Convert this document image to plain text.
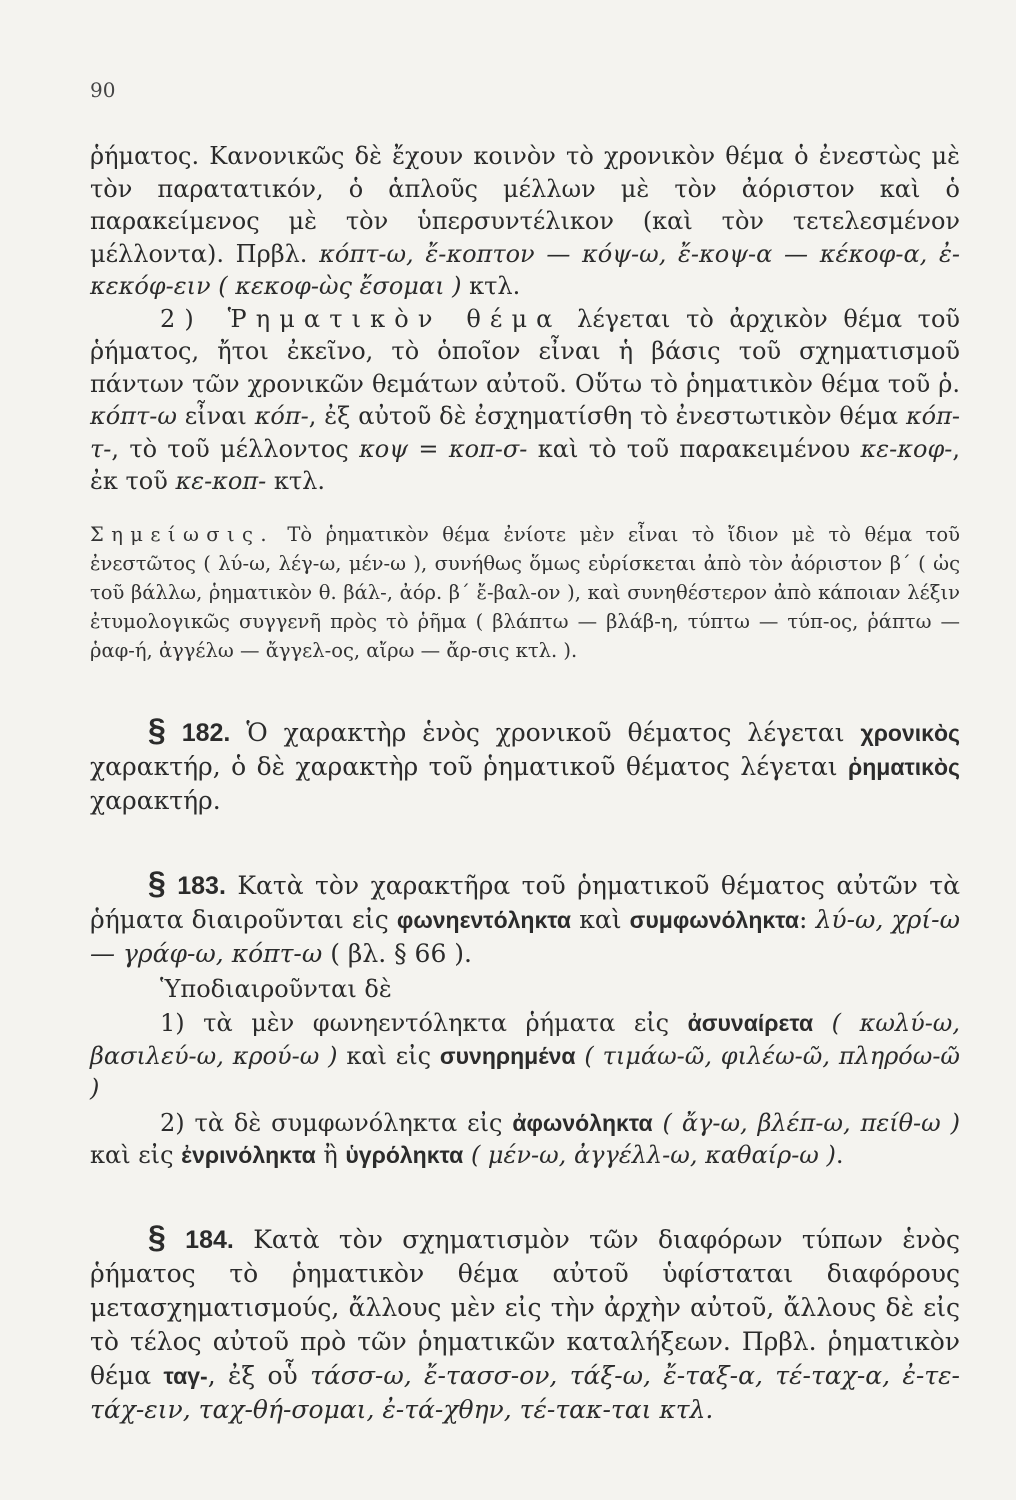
90

ῥήματος. Κανονικῶς δὲ ἔχουν κοινὸν τὸ χρονικὸν θέμα ὁ ἐνεστὼς μὲ τὸν παρατατικόν, ὁ ἁπλοῦς μέλλων μὲ τὸν ἀόριστον καὶ ὁ παρακείμενος μὲ τὸν ὑπερσυντέλικον (καὶ τὸν τετελεσμένον μέλλοντα). Πρβλ. κόπτ-ω, ἔ-κοπτον — κόψ-ω, ἔ-κοψ-α — κέκοφ-α, ἐ-κεκόφ-ειν ( κεκοφ-ὼς ἔσομαι ) κτλ.

2) Ῥηματικὸν θέμα λέγεται τὸ ἀρχικὸν θέμα τοῦ ῥήματος, ἤτοι ἐκεῖνο, τὸ ὁποῖον εἶναι ἡ βάσις τοῦ σχηματισμοῦ πάντων τῶν χρονικῶν θεμάτων αὐτοῦ. Οὕτω τὸ ῥηματικὸν θέμα τοῦ ῥ. κόπτ-ω εἶναι κόπ-, ἐξ αὐτοῦ δὲ ἐσχηματίσθη τὸ ἐνεστωτικὸν θέμα κόπ-τ-, τὸ τοῦ μέλλοντος κοψ = κοπ-σ- καὶ τὸ τοῦ παρακειμένου κε-κοφ-, ἐκ τοῦ κε-κοπ- κτλ.

Σημείωσις. Τὸ ῥηματικὸν θέμα ἐνίοτε μὲν εἶναι τὸ ἴδιον μὲ τὸ θέμα τοῦ ἐνεστῶτος ( λύ-ω, λέγ-ω, μέν-ω ), συνήθως ὅμως εὑρίσκεται ἀπὸ τὸν ἀόριστον β΄ ( ὡς τοῦ βάλλω, ῥηματικὸν θ. βάλ-, ἀόρ. β΄ ἔ-βαλ-ον ), καὶ συνηθέστερον ἀπὸ κάποιαν λέξιν ἐτυμολογικῶς συγγενῆ πρὸς τὸ ῥῆμα ( βλάπτω — βλάβ-η, τύπτω — τύπ-ος, ῥάπτω — ῥαφ-ή, ἀγγέλω — ἄγγελ-ος, αἴρω — ἄρ-σις κτλ. ).

§ 182. Ὁ χαρακτὴρ ἑνὸς χρονικοῦ θέματος λέγεται χρονικὸς χαρακτήρ, ὁ δὲ χαρακτὴρ τοῦ ῥηματικοῦ θέματος λέγεται ῥηματικὸς χαρακτήρ.

§ 183. Κατὰ τὸν χαρακτῆρα τοῦ ῥηματικοῦ θέματος αὐτῶν τὰ ῥήματα διαιροῦνται εἰς φωνηεντόληκτα καὶ συμφωνόληκτα: λύ-ω, χρί-ω — γράφ-ω, κόπτ-ω ( βλ. § 66 ).

Ὑποδιαιροῦνται δὲ

1) τὰ μὲν φωνηεντόληκτα ῥήματα εἰς ἀσυναίρετα ( κωλύ-ω, βασιλεύ-ω, κρού-ω ) καὶ εἰς συνηρημένα ( τιμάω-ῶ, φιλέω-ῶ, πληρόω-ῶ )

2) τὰ δὲ συμφωνόληκτα εἰς ἀφωνόληκτα ( ἄγ-ω, βλέπ-ω, πείθ-ω ) καὶ εἰς ἐνρινόληκτα ἢ ὑγρόληκτα ( μέν-ω, ἀγγέλλ-ω, καθαίρ-ω ).

§ 184. Κατὰ τὸν σχηματισμὸν τῶν διαφόρων τύπων ἑνὸς ῥήματος τὸ ῥηματικὸν θέμα αὐτοῦ ὑφίσταται διαφόρους μετασχηματισμούς, ἄλλους μὲν εἰς τὴν ἀρχὴν αὐτοῦ, ἄλλους δὲ εἰς τὸ τέλος αὐτοῦ πρὸ τῶν ῥηματικῶν καταλήξεων. Πρβλ. ῥηματικὸν θέμα ταγ-, ἐξ οὗ τάσσ-ω, ἔ-τασσ-ον, τάξ-ω, ἔ-ταξ-α, τέ-ταχ-α, ἐ-τε-τάχ-ειν, ταχ-θή-σομαι, ἐ-τά-χθην, τέ-τακ-ται κτλ.
